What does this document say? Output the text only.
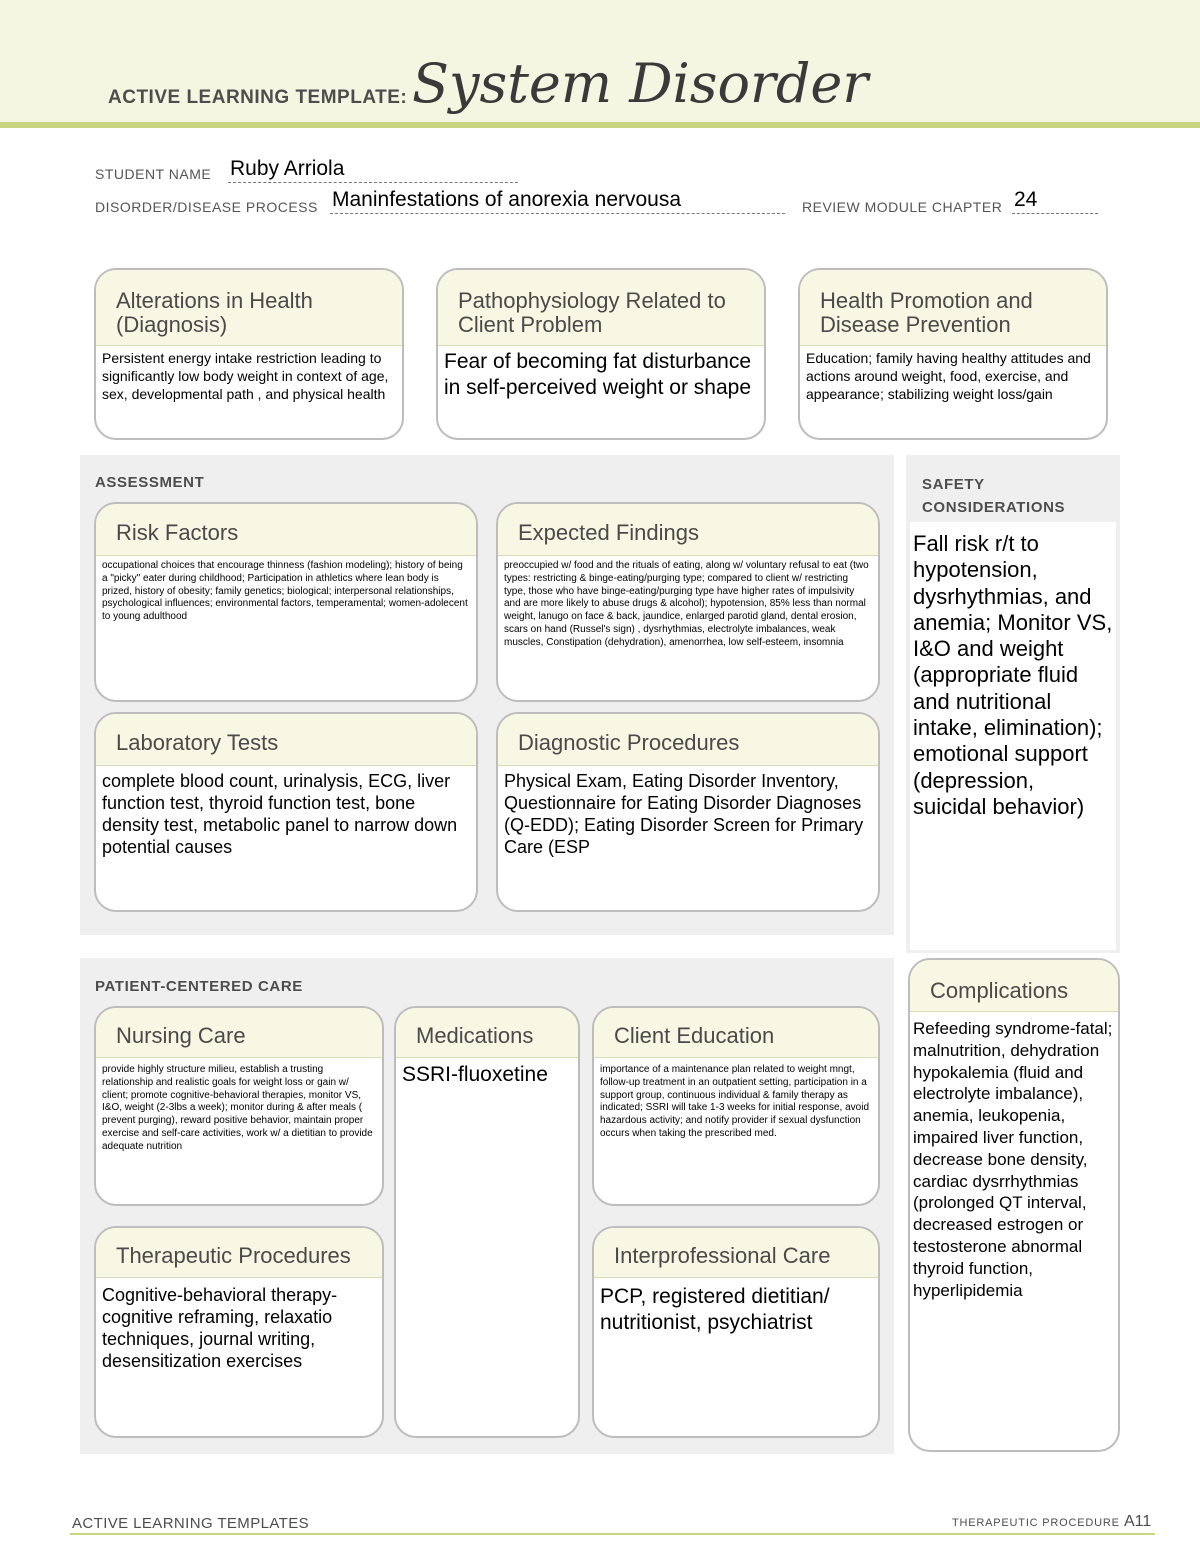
ACTIVE LEARNING TEMPLATE: System Disorder
STUDENT NAME Ruby Arriola
DISORDER/DISEASE PROCESS Maninfestations of anorexia nervousa	REVIEW MODULE CHAPTER 24
Alterations in Health (Diagnosis)
Persistent energy intake restriction leading to significantly low body weight in context of age, sex, developmental path , and physical health
Pathophysiology Related to Client Problem
Fear of becoming fat disturbance in self-perceived weight or shape
Health Promotion and Disease Prevention
Education; family having healthy attitudes and actions around weight, food, exercise, and appearance; stabilizing weight loss/gain
ASSESSMENT
Risk Factors
occupational choices that encourage thinness (fashion modeling); history of being a "picky" eater during childhood; Participation in athletics where lean body is prized, history of obesity; family genetics; biological; interpersonal relationships, psychological influences; environmental factors, temperamental; women-adolecent to young adulthood
Expected Findings
preoccupied w/ food and the rituals of eating, along w/ voluntary refusal to eat (two types: restricting & binge-eating/purging type; compared to client w/ restricting type, those who have binge-eating/purging type have higher rates of impulsivity and are more likely to abuse drugs & alcohol); hypotension, 85% less than normal weight, lanugo on face & back, jaundice, enlarged parotid gland, dental erosion, scars on hand (Russel's sign) , dysrhythmias, electrolyte imbalances, weak muscles, Constipation (dehydration), amenorrhea, low self-esteem, insomnia
Laboratory Tests
complete blood count, urinalysis, ECG, liver function test, thyroid function test, bone density test, metabolic panel to narrow down potential causes
Diagnostic Procedures
Physical Exam, Eating Disorder Inventory, Questionnaire for Eating Disorder Diagnoses (Q-EDD); Eating Disorder Screen for Primary Care (ESP
SAFETY CONSIDERATIONS
Fall risk r/t to hypotension, dysrhythmias, and anemia; Monitor VS, I&O and weight (appropriate fluid and nutritional intake, elimination); emotional support (depression, suicidal behavior)
PATIENT-CENTERED CARE
Nursing Care
provide highly structure milieu, establish a trusting relationship and realistic goals for weight loss or gain w/ client; promote cognitive-behavioral therapies, monitor VS, I&O, weight (2-3lbs a week); monitor during & after meals ( prevent purging), reward positive behavior, maintain proper exercise and self-care activities, work w/ a dietitian to provide adequate nutrition
Medications
SSRI-fluoxetine
Client Education
importance of a maintenance plan related to weight mngt, follow-up treatment in an outpatient setting, participation in a support group, continuous individual & family therapy as indicated; SSRI will take 1-3 weeks for initial response, avoid hazardous activity; and notify provider if sexual dysfunction occurs when taking the prescribed med.
Therapeutic Procedures
Cognitive-behavioral therapy- cognitive reframing, relaxatio techniques, journal writing, desensitization exercises
Interprofessional Care
PCP, registered dietitian/ nutritionist, psychiatrist
Complications
Refeeding syndrome-fatal; malnutrition, dehydration hypokalemia (fluid and electrolyte imbalance), anemia, leukopenia, impaired liver function, decrease bone density, cardiac dysrrhythmias (prolonged QT interval, decreased estrogen or testosterone abnormal thyroid function, hyperlipidemia
ACTIVE LEARNING TEMPLATES	THERAPEUTIC PROCEDURE A11
